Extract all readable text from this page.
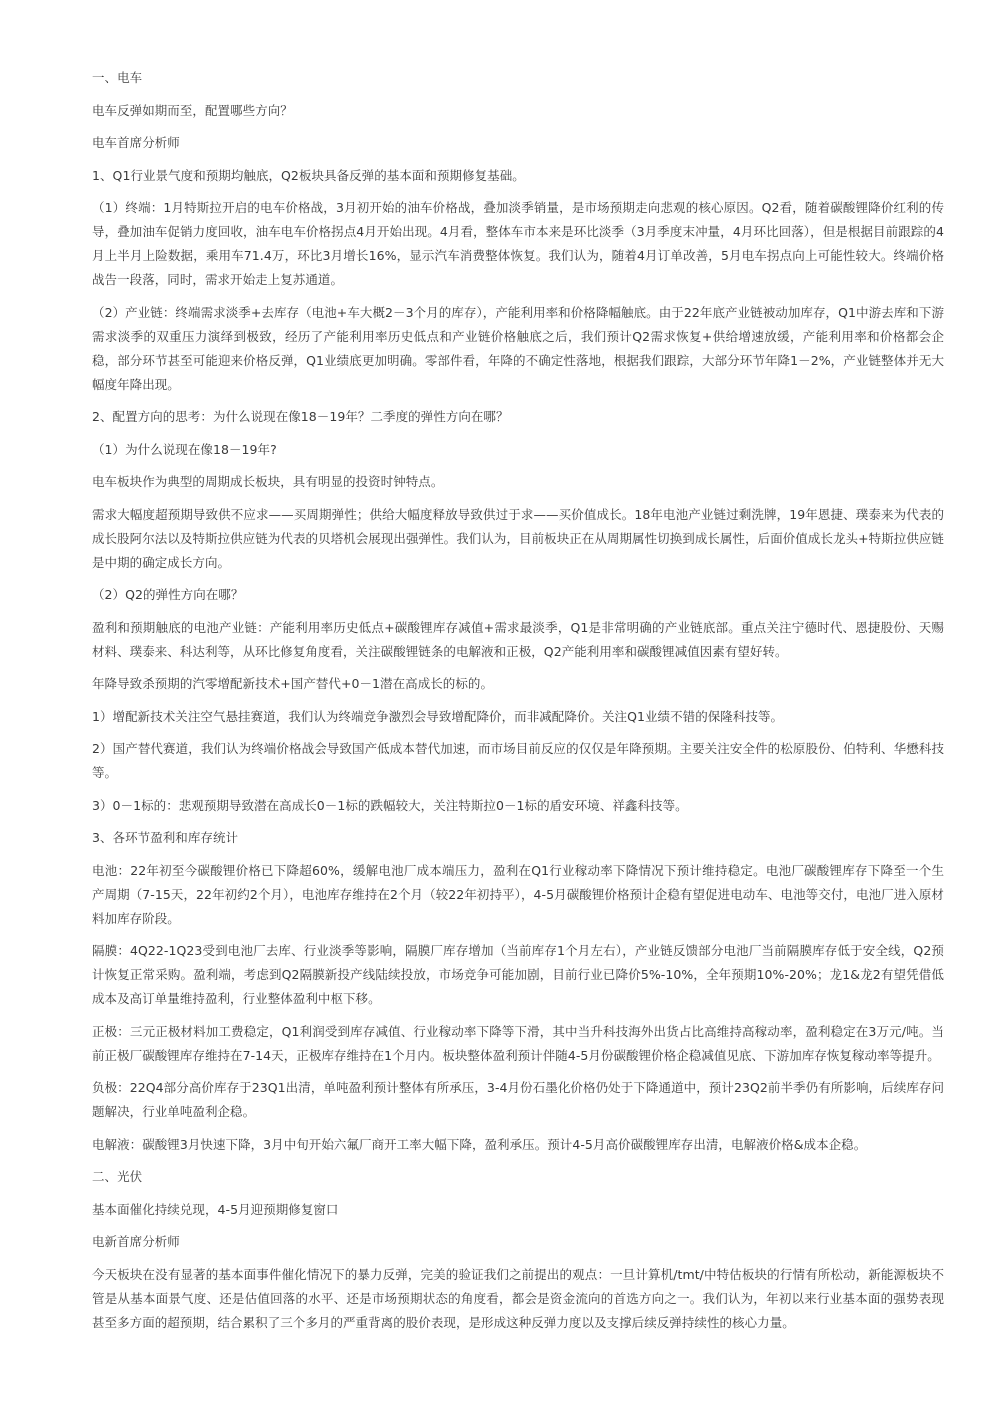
一、电车

电车反弹如期而至，配置哪些方向？

电车首席分析师

1、Q1行业景气度和预期均触底，Q2板块具备反弹的基本面和预期修复基础。

（1）终端：1月特斯拉开启的电车价格战，3月初开始的油车价格战，叠加淡季销量，是市场预期走向悲观的核心原因。Q2看，随着碳酸锂降价红利的传导，叠加油车促销力度回收，油车电车价格拐点4月开始出现。4月看，整体车市本来是环比淡季（3月季度末冲量，4月环比回落），但是根据目前跟踪的4月上半月上险数据，乘用车71.4万，环比3月增长16%，显示汽车消费整体恢复。我们认为，随着4月订单改善，5月电车拐点向上可能性较大。终端价格战告一段落，同时，需求开始走上复苏通道。

（2）产业链：终端需求淡季+去库存（电池+车大概2－3个月的库存），产能利用率和价格降幅触底。由于22年底产业链被动加库存，Q1中游去库和下游需求淡季的双重压力演绎到极致，经历了产能利用率历史低点和产业链价格触底之后，我们预计Q2需求恢复+供给增速放缓，产能利用率和价格都会企稳，部分环节甚至可能迎来价格反弹，Q1业绩底更加明确。零部件看，年降的不确定性落地，根据我们跟踪，大部分环节年降1－2%，产业链整体并无大幅度年降出现。

2、配置方向的思考：为什么说现在像18－19年？二季度的弹性方向在哪？

（1）为什么说现在像18－19年?

电车板块作为典型的周期成长板块，具有明显的投资时钟特点。

需求大幅度超预期导致供不应求——买周期弹性；供给大幅度释放导致供过于求——买价值成长。18年电池产业链过剩洗牌，19年恩捷、璞泰来为代表的成长股阿尔法以及特斯拉供应链为代表的贝塔机会展现出强弹性。我们认为，目前板块正在从周期属性切换到成长属性，后面价值成长龙头+特斯拉供应链是中期的确定成长方向。

（2）Q2的弹性方向在哪？

盈利和预期触底的电池产业链：产能利用率历史低点+碳酸锂库存减值+需求最淡季，Q1是非常明确的产业链底部。重点关注宁德时代、恩捷股份、天赐材料、璞泰来、科达利等，从环比修复角度看，关注碳酸锂链条的电解液和正极，Q2产能利用率和碳酸锂减值因素有望好转。

年降导致杀预期的汽零增配新技术+国产替代+0－1潜在高成长的标的。

1）增配新技术关注空气悬挂赛道，我们认为终端竞争激烈会导致增配降价，而非减配降价。关注Q1业绩不错的保隆科技等。

2）国产替代赛道，我们认为终端价格战会导致国产低成本替代加速，而市场目前反应的仅仅是年降预期。主要关注安全件的松原股份、伯特利、华懋科技等。

3）0－1标的：悲观预期导致潜在高成长0－1标的跌幅较大，关注特斯拉0－1标的盾安环境、祥鑫科技等。

3、各环节盈利和库存统计

电池：22年初至今碳酸锂价格已下降超60%，缓解电池厂成本端压力，盈利在Q1行业稼动率下降情况下预计维持稳定。电池厂碳酸锂库存下降至一个生产周期（7-15天，22年初约2个月），电池库存维持在2个月（较22年初持平），4-5月碳酸锂价格预计企稳有望促进电动车、电池等交付，电池厂进入原材料加库存阶段。

隔膜：4Q22-1Q23受到电池厂去库、行业淡季等影响，隔膜厂库存增加（当前库存1个月左右），产业链反馈部分电池厂当前隔膜库存低于安全线，Q2预计恢复正常采购。盈利端，考虑到Q2隔膜新投产线陆续投放，市场竞争可能加剧，目前行业已降价5%-10%，全年预期10%-20%；龙1&龙2有望凭借低成本及高订单量维持盈利，行业整体盈利中枢下移。

正极：三元正极材料加工费稳定，Q1利润受到库存减值、行业稼动率下降等下滑，其中当升科技海外出货占比高维持高稼动率，盈利稳定在3万元/吨。当前正极厂碳酸锂库存维持在7-14天，正极库存维持在1个月内。板块整体盈利预计伴随4-5月份碳酸锂价格企稳减值见底、下游加库存恢复稼动率等提升。

负极：22Q4部分高价库存于23Q1出清，单吨盈利预计整体有所承压，3-4月份石墨化价格仍处于下降通道中，预计23Q2前半季仍有所影响，后续库存问题解决，行业单吨盈利企稳。

电解液：碳酸锂3月快速下降，3月中旬开始六氟厂商开工率大幅下降，盈利承压。预计4-5月高价碳酸锂库存出清，电解液价格&成本企稳。

二、光伏

基本面催化持续兑现，4-5月迎预期修复窗口

电新首席分析师

今天板块在没有显著的基本面事件催化情况下的暴力反弹，完美的验证我们之前提出的观点：一旦计算机/tmt/中特估板块的行情有所松动，新能源板块不管是从基本面景气度、还是估值回落的水平、还是市场预期状态的角度看，都会是资金流向的首选方向之一。我们认为，年初以来行业基本面的强势表现甚至多方面的超预期，结合累积了三个多月的严重背离的股价表现，是形成这种反弹力度以及支撑后续反弹持续性的核心力量。
